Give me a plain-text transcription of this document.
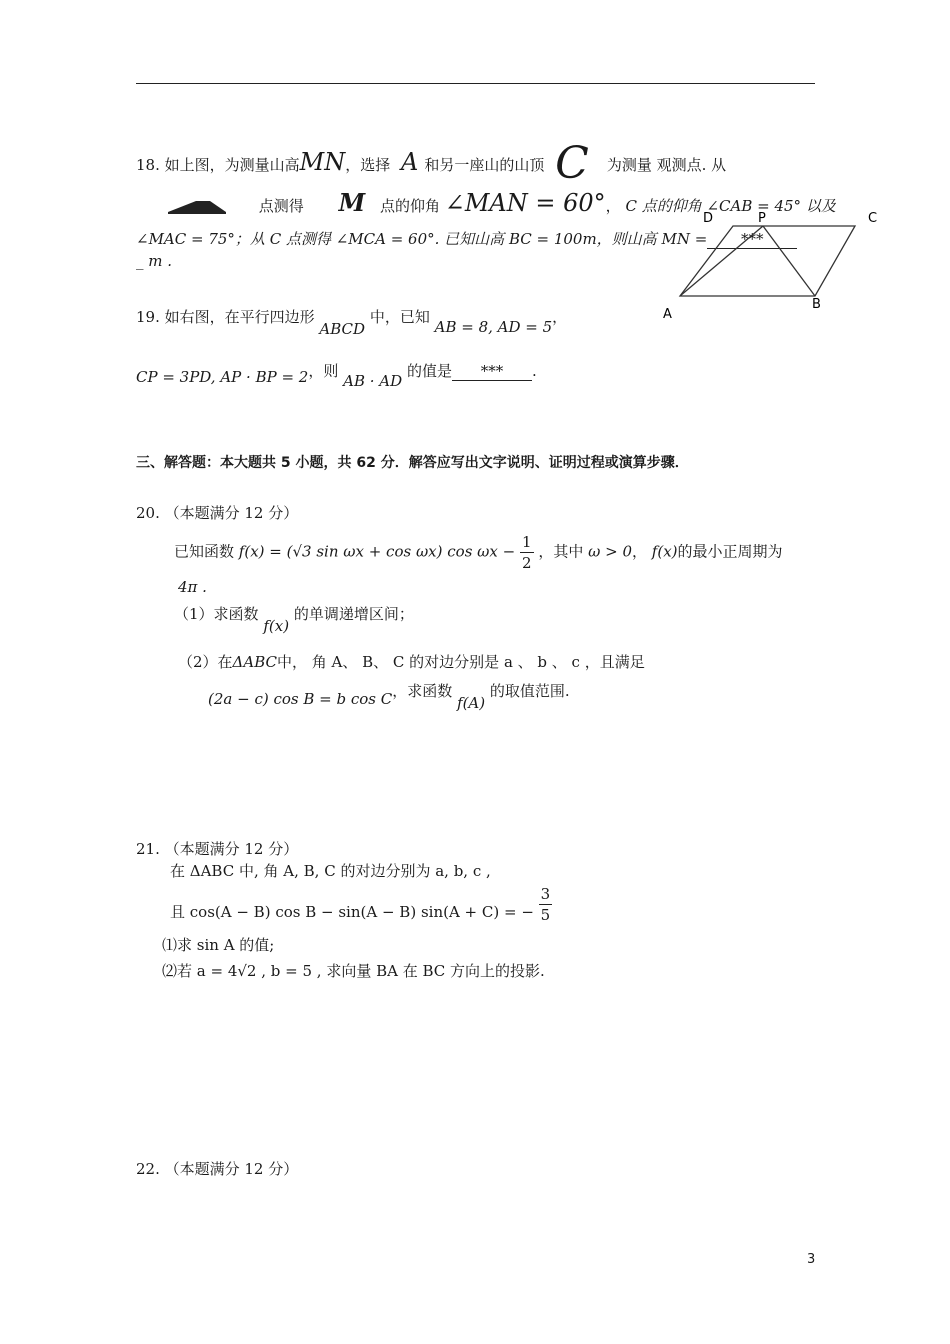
18. 如上图，为测量山高MN，选择 A 和另一座山的山顶 C 为测量 观测点. 从
点测得 M 点的仰角 ∠MAN = 60°， C 点的仰角 ∠CAB = 45° 以及
∠MAC = 75°；从 C 点测得 ∠MCA = 60°. 已知山高 BC = 100m，则山高 MN = ***
_ m .
D	P	C
A
B
19. 如右图，在平行四边形 ABCD 中，已知 AB = 8, AD = 5，
CP = 3PD, AP · BP = 2，则 AB · AD 的值是 *** .
三、解答题：本大题共 5 小题，共 62 分．解答应写出文字说明、证明过程或演算步骤．
20. （本题满分 12 分）
已知函数 f(x) = (√3 sin ωx + cos ωx) $\cos \omega x - \frac{1}{2}$ ，其中 ω > 0， f(x)的最小正周期为
4π .
（1）求函数 f(x) 的单调递增区间；
（2）在ΔABC中， 角 A、 B、 C 的对边分别是 a 、 b 、 c ，且满足
(2a − c) cos B = b cos C，求函数 f(A) 的取值范围.
21. （本题满分 12 分）
在 ΔABC 中, 角 A, B, C 的对边分别为 a, b, c ,
且 cos(A − B) cos B − sin(A − B) sin(A + C) = − $\frac{3}{5}$
⑴求 sin A 的值;
⑵若 a = 4√2 , b = 5 , 求向量 BA 在 BC 方向上的投影.
22. （本题满分 12 分）
3
